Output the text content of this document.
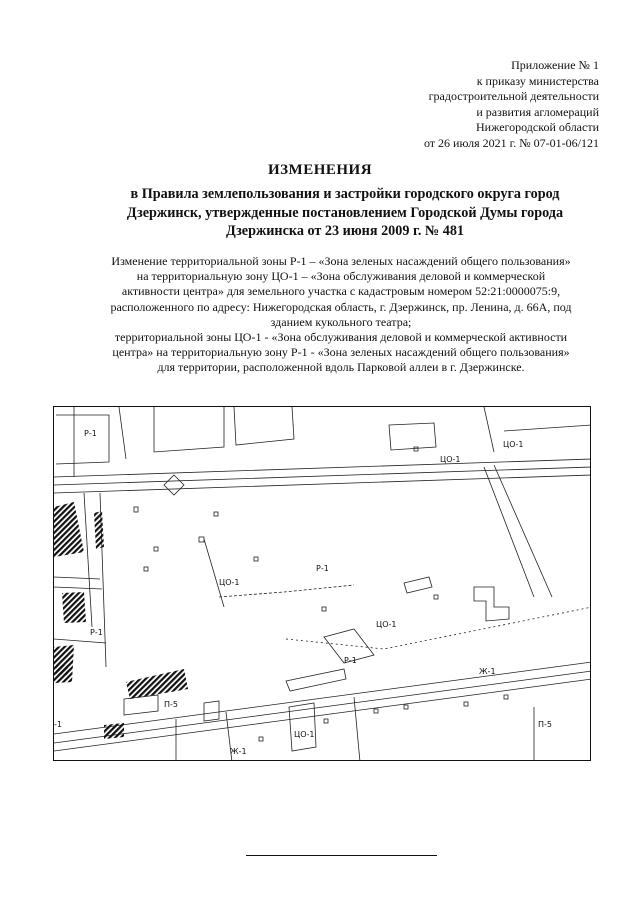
Приложение № 1
к приказу министерства
градостроительной деятельности
и развития агломераций
Нижегородской области
от 26 июля 2021 г. № 07-01-06/121
ИЗМЕНЕНИЯ
в Правила землепользования и застройки городского округа город
Дзержинск, утвержденные постановлением Городской Думы города
Дзержинска от 23 июня 2009 г. № 481
Изменение территориальной зоны Р-1 – «Зона зеленых насаждений общего пользования»
на территориальную зону ЦО-1 – «Зона обслуживания деловой и коммерческой
активности центра» для земельного участка с кадастровым номером 52:21:0000075:9,
расположенного по адресу: Нижегородская область, г. Дзержинск, пр. Ленина, д. 66А, под
зданием кукольного театра;
территориальной зоны ЦО-1 - «Зона обслуживания деловой и коммерческой активности
центра» на территориальную зону Р-1 - «Зона зеленых насаждений общего пользования»
для территории, расположенной вдоль Парковой аллеи в г. Дзержинске.
Р-1
ЦО-1
ЦО-1
ЦО-1
Р-1
ЦО-1
Р-1
Р-1
Ж-1
П-5
П-5
ЦО-1
Ж-1
-1
